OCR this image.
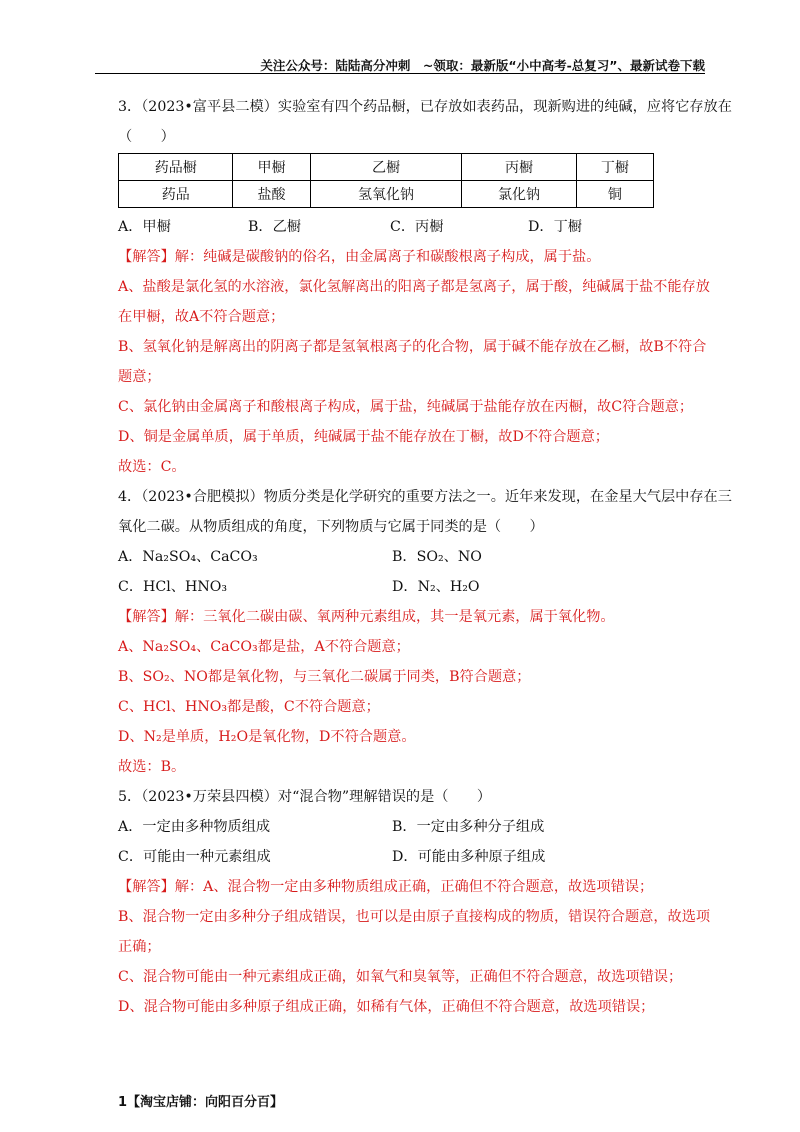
关注公众号：陆陆高分冲刺　~领取：最新版“小中高考-总复习”、最新试卷下载
3．（2023•富平县二模）实验室有四个药品橱，已存放如表药品，现新购进的纯碱，应将它存放在
（　　）
药品橱	甲橱	乙橱	丙橱	丁橱
药品	盐酸	氢氧化钠	氯化钠	铜
A．甲橱	B．乙橱	C．丙橱	D．丁橱
【解答】解：纯碱是碳酸钠的俗名，由金属离子和碳酸根离子构成，属于盐。
A、盐酸是氯化氢的水溶液，氯化氢解离出的阳离子都是氢离子，属于酸，纯碱属于盐不能存放
在甲橱，故A不符合题意；
B、氢氧化钠是解离出的阴离子都是氢氧根离子的化合物，属于碱不能存放在乙橱，故B不符合
题意；
C、氯化钠由金属离子和酸根离子构成，属于盐，纯碱属于盐能存放在丙橱，故C符合题意；
D、铜是金属单质，属于单质，纯碱属于盐不能存放在丁橱，故D不符合题意；
故选：C。
4．（2023•合肥模拟）物质分类是化学研究的重要方法之一。近年来发现，在金星大气层中存在三
氧化二碳。从物质组成的角度，下列物质与它属于同类的是（　　）
A．Na₂SO₄、CaCO₃	B．SO₂、NO
C．HCl、HNO₃	D．N₂、H₂O
【解答】解：三氧化二碳由碳、氧两种元素组成，其一是氧元素，属于氧化物。
A、Na₂SO₄、CaCO₃都是盐，A不符合题意；
B、SO₂、NO都是氧化物，与三氧化二碳属于同类，B符合题意；
C、HCl、HNO₃都是酸，C不符合题意；
D、N₂是单质，H₂O是氧化物，D不符合题意。
故选：B。
5．（2023•万荣县四模）对“混合物”理解错误的是（　　）
A．一定由多种物质组成	B．一定由多种分子组成
C．可能由一种元素组成	D．可能由多种原子组成
【解答】解：A、混合物一定由多种物质组成正确，正确但不符合题意，故选项错误；
B、混合物一定由多种分子组成错误，也可以是由原子直接构成的物质，错误符合题意，故选项
正确；
C、混合物可能由一种元素组成正确，如氧气和臭氧等，正确但不符合题意，故选项错误；
D、混合物可能由多种原子组成正确，如稀有气体，正确但不符合题意，故选项错误；
1【淘宝店铺：向阳百分百】
